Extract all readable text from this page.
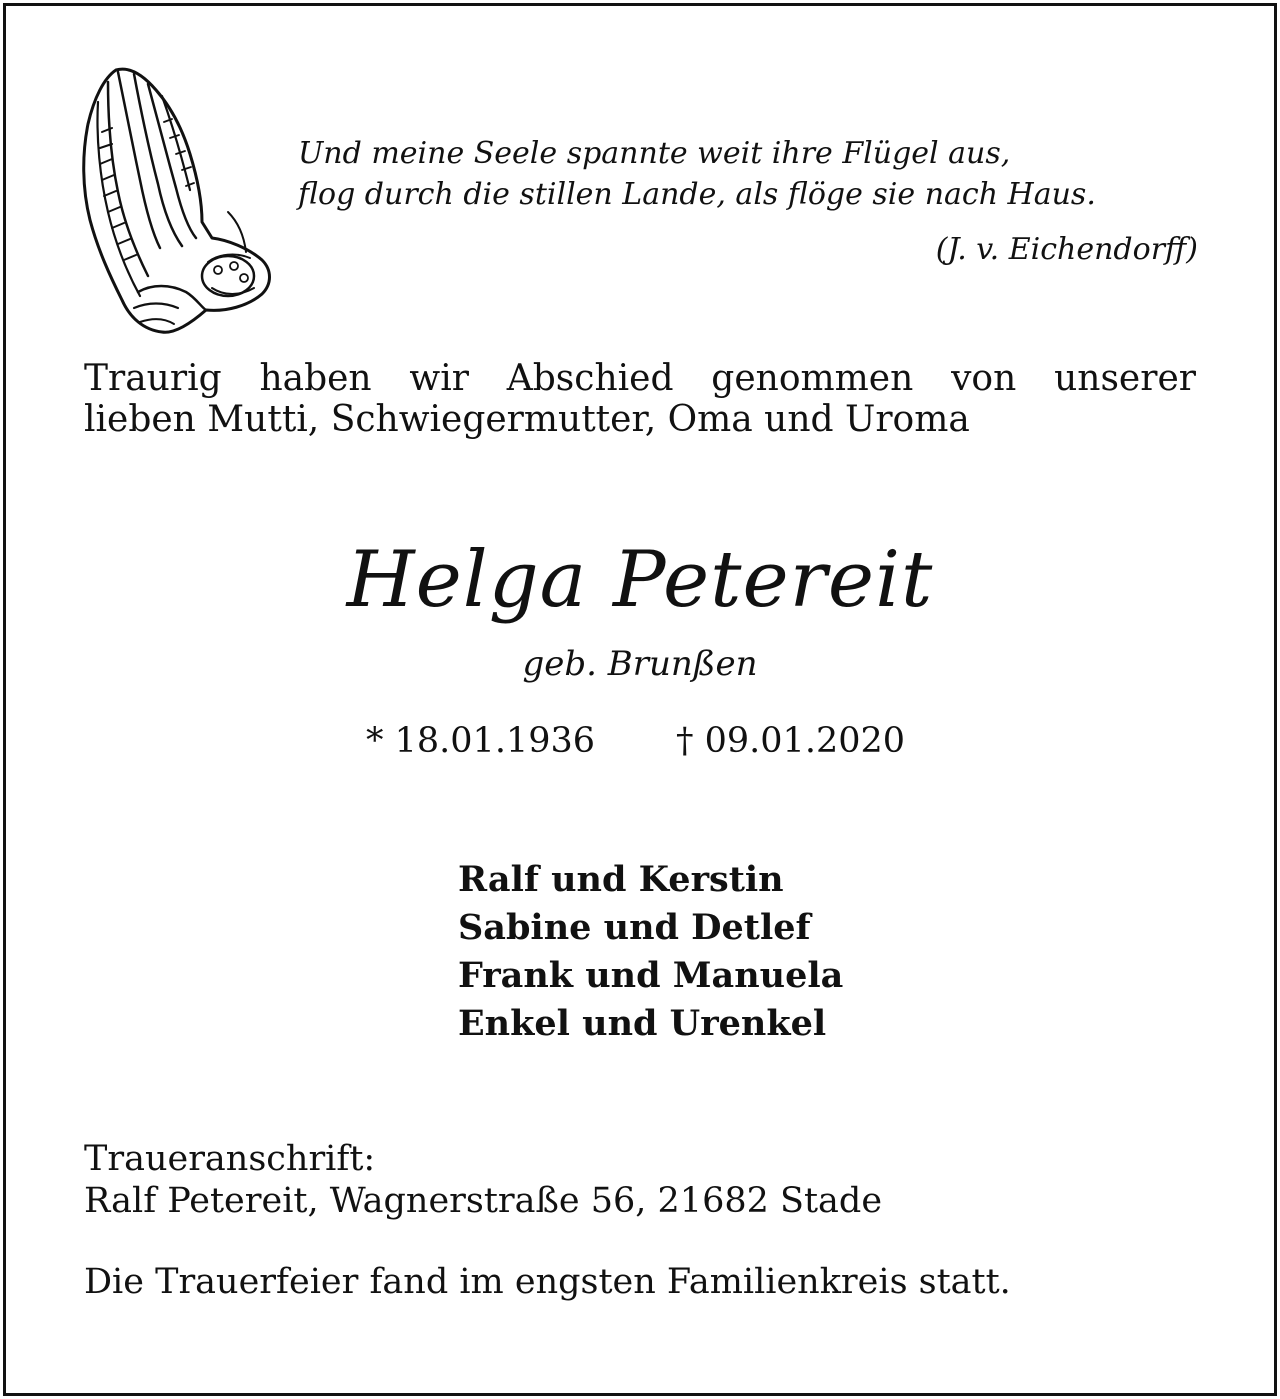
Und meine Seele spannte weit ihre Flügel aus,
flog durch die stillen Lande, als flöge sie nach Haus.
(J. v. Eichendorff)
Traurig haben wir Abschied genommen von unserer
lieben Mutti, Schwiegermutter, Oma und Uroma
Helga Petereit
geb. Brunßen
* 18.01.1936 † 09.01.2020
Ralf und Kerstin
Sabine und Detlef
Frank und Manuela
Enkel und Urenkel
Traueranschrift:
Ralf Petereit, Wagnerstraße 56, 21682 Stade
Die Trauerfeier fand im engsten Familienkreis statt.
